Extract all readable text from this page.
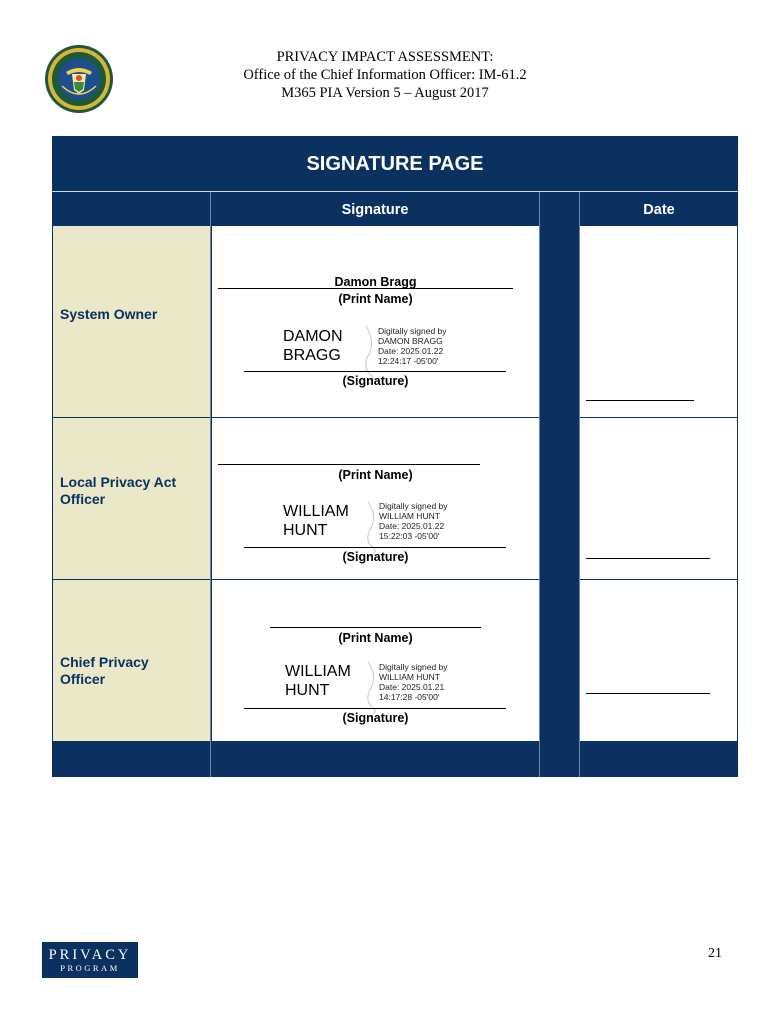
PRIVACY IMPACT ASSESSMENT:
Office of the Chief Information Officer: IM-61.2
M365 PIA Version 5 – August 2017
SIGNATURE PAGE
Signature	Date
System Owner
Damon Bragg
(Print Name)
DAMON
BRAGG
Digitally signed by
DAMON BRAGG
Date: 2025.01.22
12:24:17 -05'00'
(Signature)
Local Privacy Act
Officer
(Print Name)
WILLIAM
HUNT
Digitally signed by
WILLIAM HUNT
Date: 2025.01.22
15:22:03 -05'00'
(Signature)
Chief Privacy
Officer
(Print Name)
WILLIAM
HUNT
Digitally signed by
WILLIAM HUNT
Date: 2025.01.21
14:17:28 -05'00'
(Signature)
PRIVACY
PROGRAM
21
